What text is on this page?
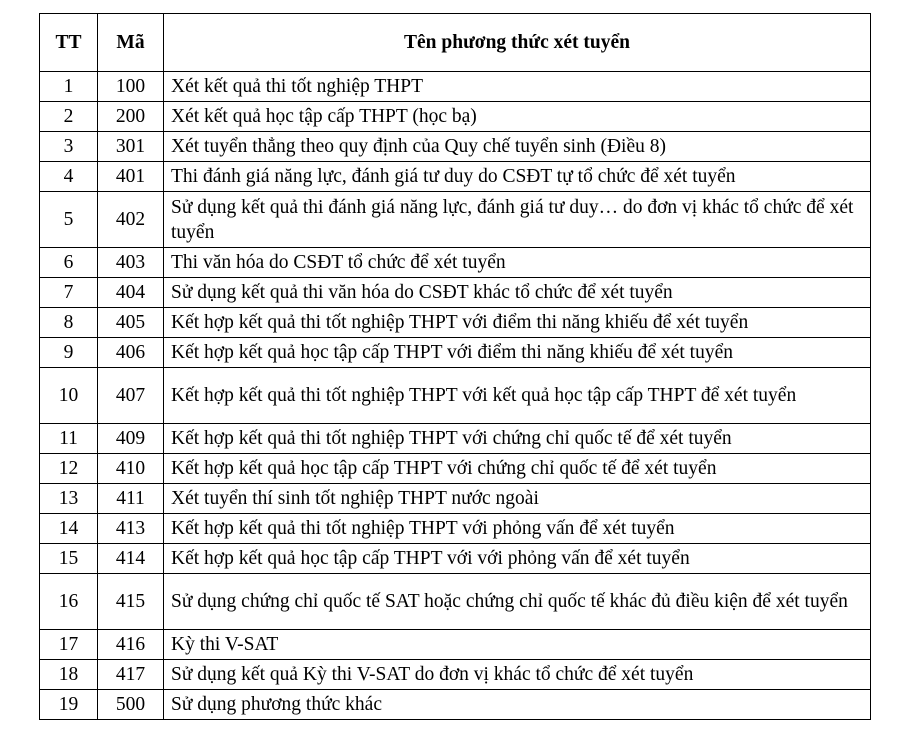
TT	Mã	Tên phương thức xét tuyển
1	100	Xét kết quả thi tốt nghiệp THPT
2	200	Xét kết quả học tập cấp THPT (học bạ)
3	301	Xét tuyển thẳng theo quy định của Quy chế tuyển sinh (Điều 8)
4	401	Thi đánh giá năng lực, đánh giá tư duy do CSĐT tự tổ chức để xét tuyển
5	402	Sử dụng kết quả thi đánh giá năng lực, đánh giá tư duy… do đơn vị khác tổ chức để xét tuyển
6	403	Thi văn hóa do CSĐT tổ chức để xét tuyển
7	404	Sử dụng kết quả thi văn hóa do CSĐT khác tổ chức để xét tuyển
8	405	Kết hợp kết quả thi tốt nghiệp THPT với điểm thi năng khiếu để xét tuyển
9	406	Kết hợp kết quả học tập cấp THPT với điểm thi năng khiếu để xét tuyển
10	407	Kết hợp kết quả thi tốt nghiệp THPT với kết quả học tập cấp THPT để xét tuyển
11	409	Kết hợp kết quả thi tốt nghiệp THPT với chứng chỉ quốc tế để xét tuyển
12	410	Kết hợp kết quả học tập cấp THPT với chứng chỉ quốc tế để xét tuyển
13	411	Xét tuyển thí sinh tốt nghiệp THPT nước ngoài
14	413	Kết hợp kết quả thi tốt nghiệp THPT với phỏng vấn để xét tuyển
15	414	Kết hợp kết quả học tập cấp THPT với với phỏng vấn để xét tuyển
16	415	Sử dụng chứng chỉ quốc tế SAT hoặc chứng chỉ quốc tế khác đủ điều kiện để xét tuyển
17	416	Kỳ thi V-SAT
18	417	Sử dụng kết quả Kỳ thi V-SAT do đơn vị khác tổ chức để xét tuyển
19	500	Sử dụng phương thức khác
